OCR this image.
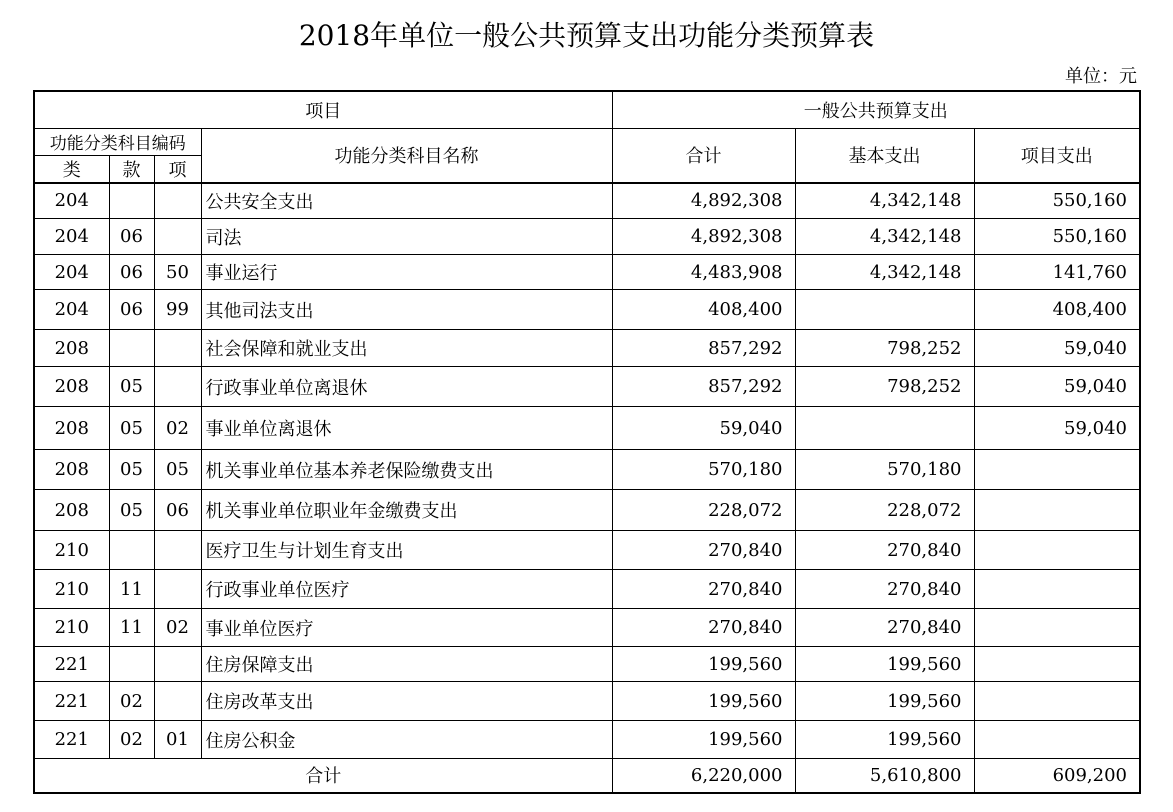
2018年单位一般公共预算支出功能分类预算表
单位：元
项目				一般公共预算支出		
功能分类科目编码			功能分类科目名称	合计	基本支出	项目支出
类	款	项				
204			公共安全支出	4,892,308	4,342,148	550,160
204	06		司法	4,892,308	4,342,148	550,160
204	06	50	事业运行	4,483,908	4,342,148	141,760
204	06	99	其他司法支出	408,400		408,400
208			社会保障和就业支出	857,292	798,252	59,040
208	05		行政事业单位离退休	857,292	798,252	59,040
208	05	02	事业单位离退休	59,040		59,040
208	05	05	机关事业单位基本养老保险缴费支出	570,180	570,180	
208	05	06	机关事业单位职业年金缴费支出	228,072	228,072	
210			医疗卫生与计划生育支出	270,840	270,840	
210	11		行政事业单位医疗	270,840	270,840	
210	11	02	事业单位医疗	270,840	270,840	
221			住房保障支出	199,560	199,560	
221	02		住房改革支出	199,560	199,560	
221	02	01	住房公积金	199,560	199,560	
合计				6,220,000	5,610,800	609,200
